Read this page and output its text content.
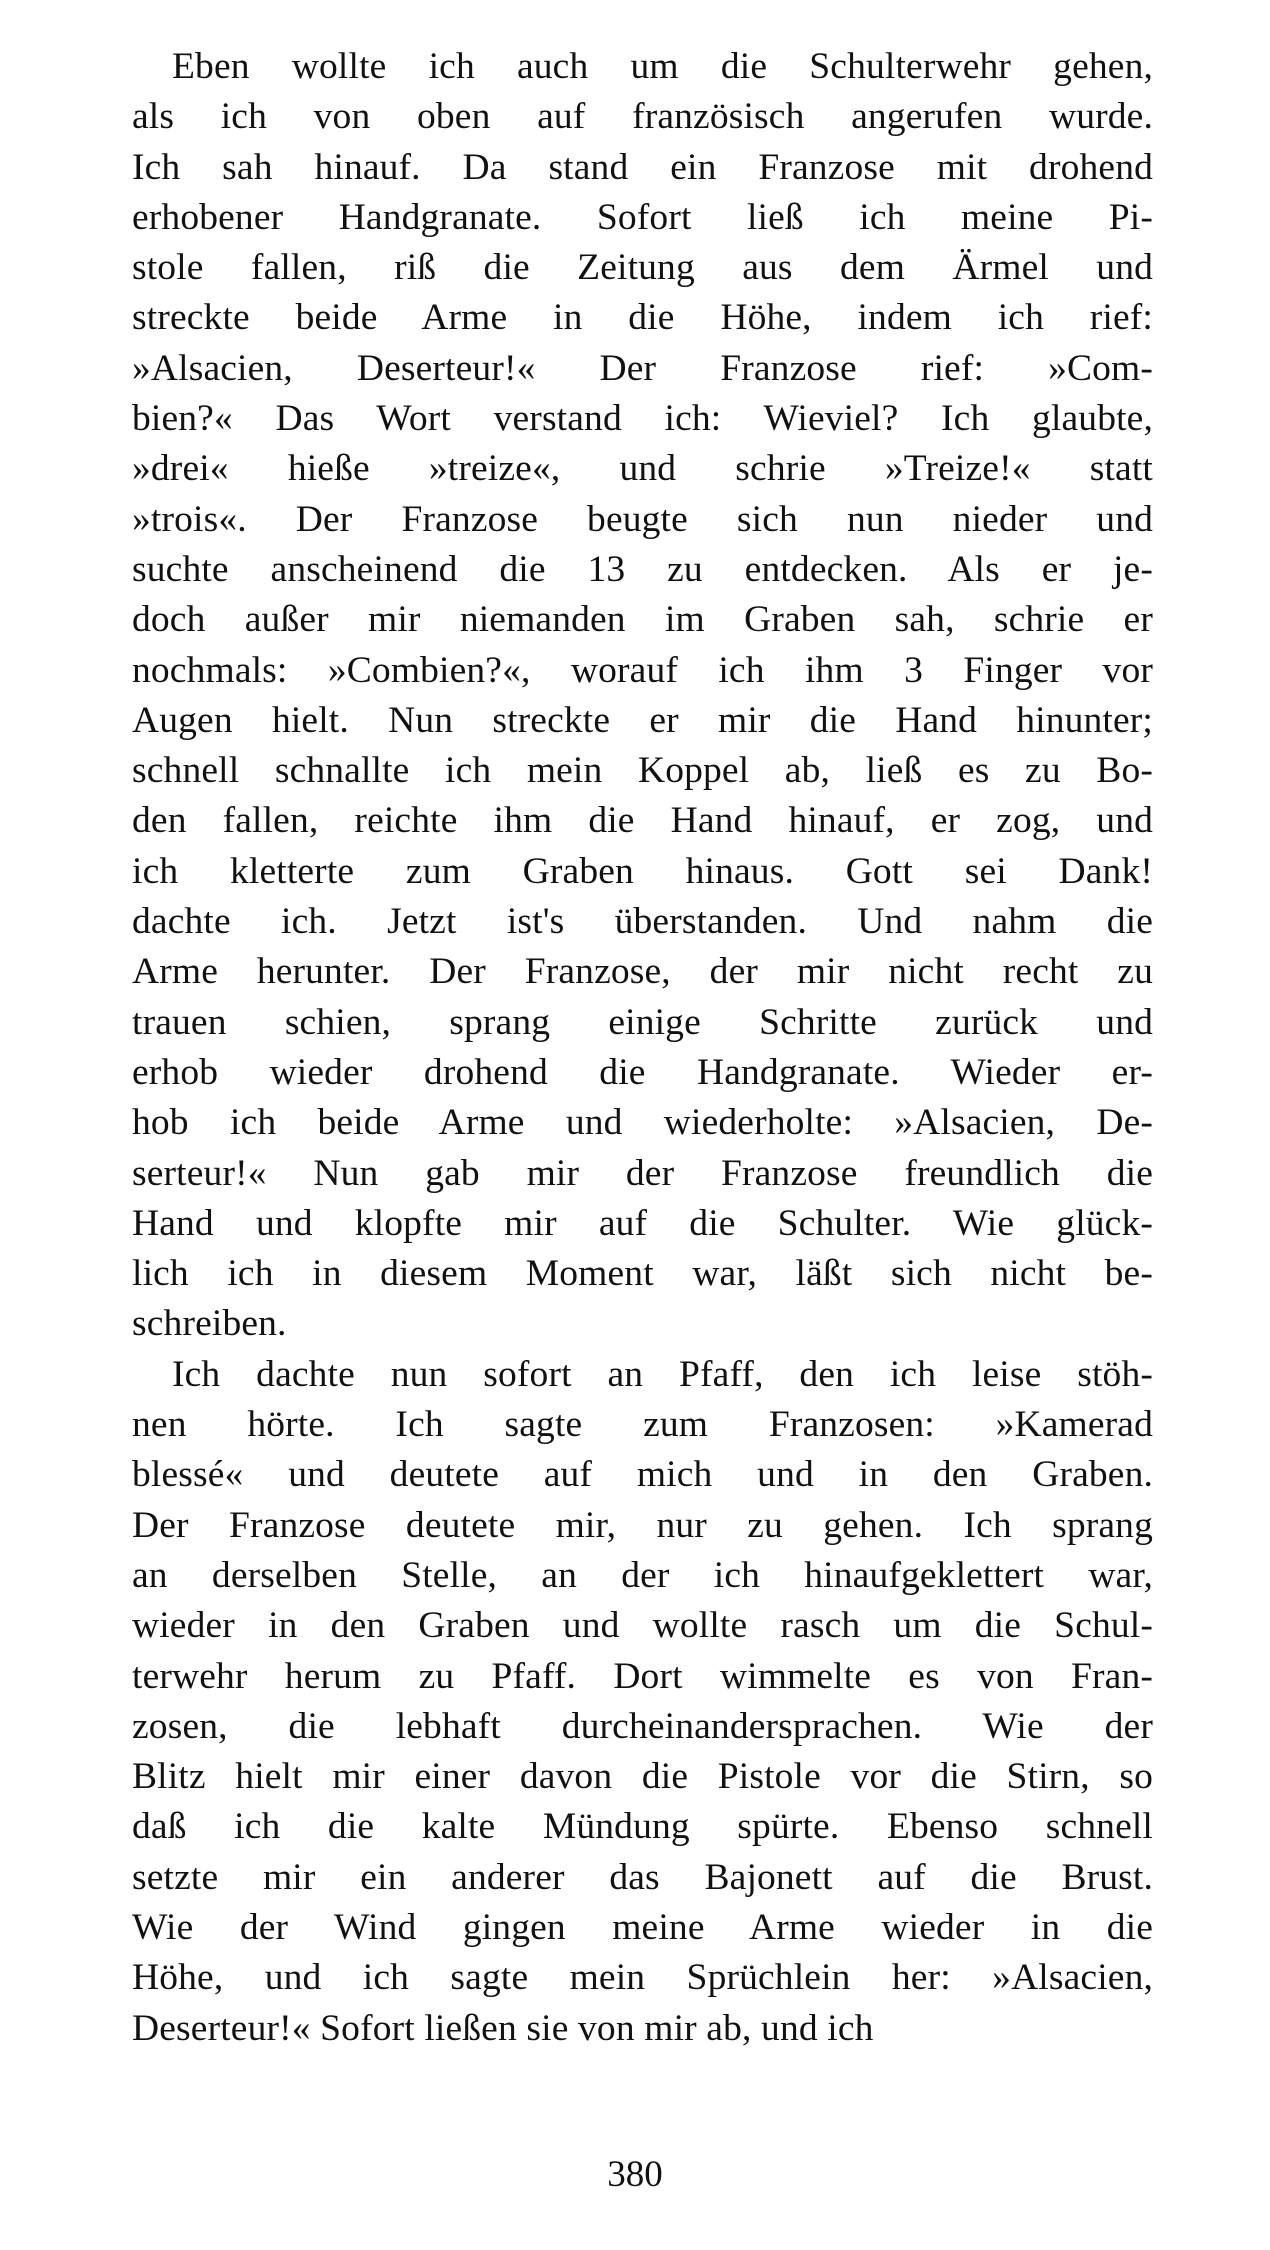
Eben wollte ich auch um die Schulterwehr gehen,
als ich von oben auf französisch angerufen wurde.
Ich sah hinauf. Da stand ein Franzose mit drohend
erhobener Handgranate. Sofort ließ ich meine Pi-
stole fallen, riß die Zeitung aus dem Ärmel und
streckte beide Arme in die Höhe, indem ich rief:
»Alsacien, Deserteur!« Der Franzose rief: »Com-
bien?« Das Wort verstand ich: Wieviel? Ich glaubte,
»drei« hieße »treize«, und schrie »Treize!« statt
»trois«. Der Franzose beugte sich nun nieder und
suchte anscheinend die 13 zu entdecken. Als er je-
doch außer mir niemanden im Graben sah, schrie er
nochmals: »Combien?«, worauf ich ihm 3 Finger vor
Augen hielt. Nun streckte er mir die Hand hinunter;
schnell schnallte ich mein Koppel ab, ließ es zu Bo-
den fallen, reichte ihm die Hand hinauf, er zog, und
ich kletterte zum Graben hinaus. Gott sei Dank!
dachte ich. Jetzt ist's überstanden. Und nahm die
Arme herunter. Der Franzose, der mir nicht recht zu
trauen schien, sprang einige Schritte zurück und
erhob wieder drohend die Handgranate. Wieder er-
hob ich beide Arme und wiederholte: »Alsacien, De-
serteur!« Nun gab mir der Franzose freundlich die
Hand und klopfte mir auf die Schulter. Wie glück-
lich ich in diesem Moment war, läßt sich nicht be-
schreiben.
Ich dachte nun sofort an Pfaff, den ich leise stöh-
nen hörte. Ich sagte zum Franzosen: »Kamerad
blessé« und deutete auf mich und in den Graben.
Der Franzose deutete mir, nur zu gehen. Ich sprang
an derselben Stelle, an der ich hinaufgeklettert war,
wieder in den Graben und wollte rasch um die Schul-
terwehr herum zu Pfaff. Dort wimmelte es von Fran-
zosen, die lebhaft durcheinandersprachen. Wie der
Blitz hielt mir einer davon die Pistole vor die Stirn, so
daß ich die kalte Mündung spürte. Ebenso schnell
setzte mir ein anderer das Bajonett auf die Brust.
Wie der Wind gingen meine Arme wieder in die
Höhe, und ich sagte mein Sprüchlein her: »Alsacien,
Deserteur!« Sofort ließen sie von mir ab, und ich
380
